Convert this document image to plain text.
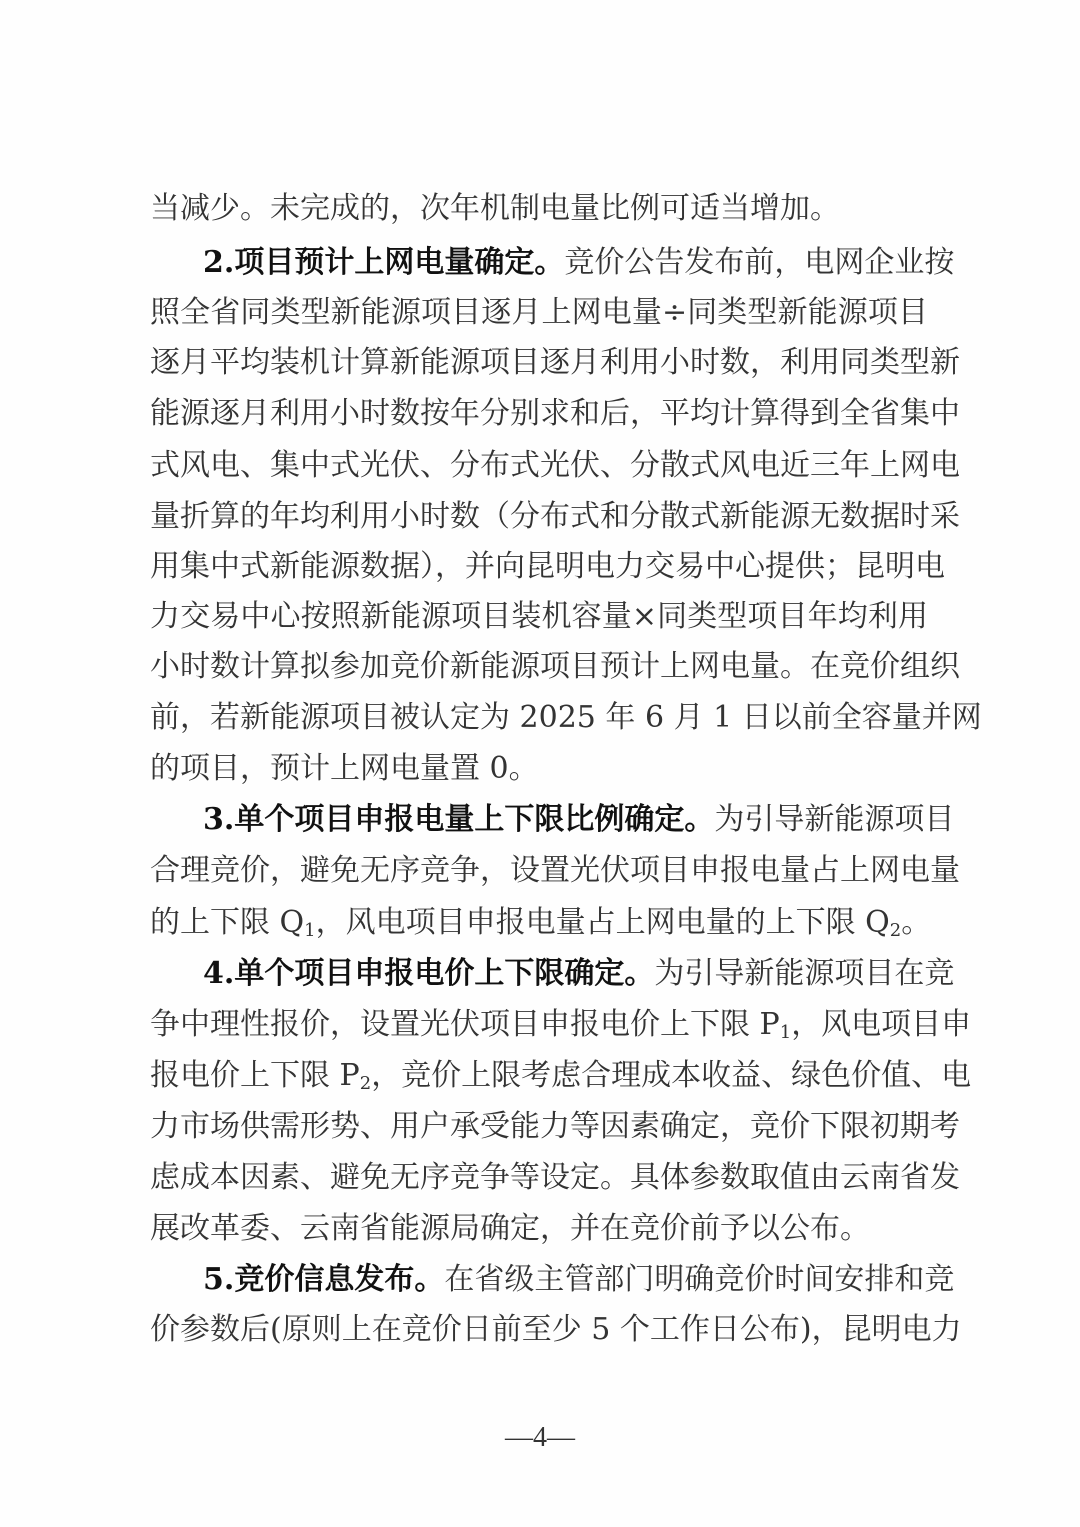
当减少。未完成的，次年机制电量比例可适当增加。
2.项目预计上网电量确定。竞价公告发布前，电网企业按
照全省同类型新能源项目逐月上网电量÷同类型新能源项目
逐月平均装机计算新能源项目逐月利用小时数，利用同类型新
能源逐月利用小时数按年分别求和后，平均计算得到全省集中
式风电、集中式光伏、分布式光伏、分散式风电近三年上网电
量折算的年均利用小时数（分布式和分散式新能源无数据时采
用集中式新能源数据），并向昆明电力交易中心提供；昆明电
力交易中心按照新能源项目装机容量×同类型项目年均利用
小时数计算拟参加竞价新能源项目预计上网电量。在竞价组织
前，若新能源项目被认定为 2025 年 6 月 1 日以前全容量并网
的项目，预计上网电量置 0。
3.单个项目申报电量上下限比例确定。为引导新能源项目
合理竞价，避免无序竞争，设置光伏项目申报电量占上网电量
的上下限 $Q_1$，风电项目申报电量占上网电量的上下限 $Q_2$。
4.单个项目申报电价上下限确定。为引导新能源项目在竞
争中理性报价，设置光伏项目申报电价上下限 $P_1$，风电项目申
报电价上下限 $P_2$，竞价上限考虑合理成本收益、绿色价值、电
力市场供需形势、用户承受能力等因素确定，竞价下限初期考
虑成本因素、避免无序竞争等设定。具体参数取值由云南省发
展改革委、云南省能源局确定，并在竞价前予以公布。
5.竞价信息发布。在省级主管部门明确竞价时间安排和竞
价参数后(原则上在竞价日前至少 5 个工作日公布)，昆明电力
—4—
